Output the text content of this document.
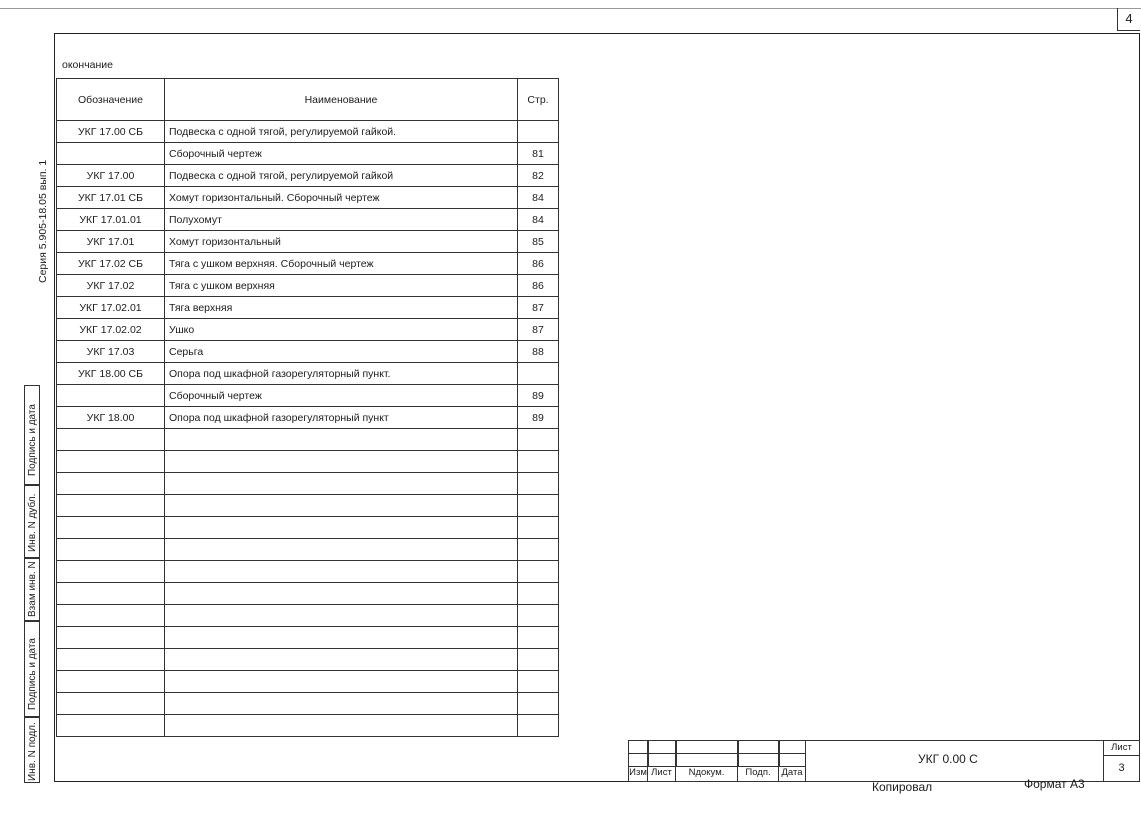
4
Серия 5.905-18.05 вып. 1
окончание
Обозначение	Наименование	Стр.
УКГ 17.00 СБ	Подвеска с одной тягой, регулируемой гайкой.	
	Сборочный чертеж	81
УКГ 17.00	Подвеска с одной тягой, регулируемой гайкой	82
УКГ 17.01 СБ	Хомут горизонтальный. Сборочный чертеж	84
УКГ 17.01.01	Полухомут	84
УКГ 17.01	Хомут горизонтальный	85
УКГ 17.02 СБ	Тяга с ушком верхняя. Сборочный чертеж	86
УКГ 17.02	Тяга с ушком верхняя	86
УКГ 17.02.01	Тяга верхняя	87
УКГ 17.02.02	Ушко	87
УКГ 17.03	Серьга	88
УКГ 18.00 СБ	Опора под шкафной газорегуляторный пункт.	
	Сборочный чертеж	89
УКГ 18.00	Опора под шкафной газорегуляторный пункт	89

Подпись и дата
Инв. N дубл.
Взам инв. N
Подпись и дата
Инв. N подл.	Изм Лист	Nдокум.	Подп.	Дата
Лист
3
УКГ 0.00 С
Копировал	Формат А3
